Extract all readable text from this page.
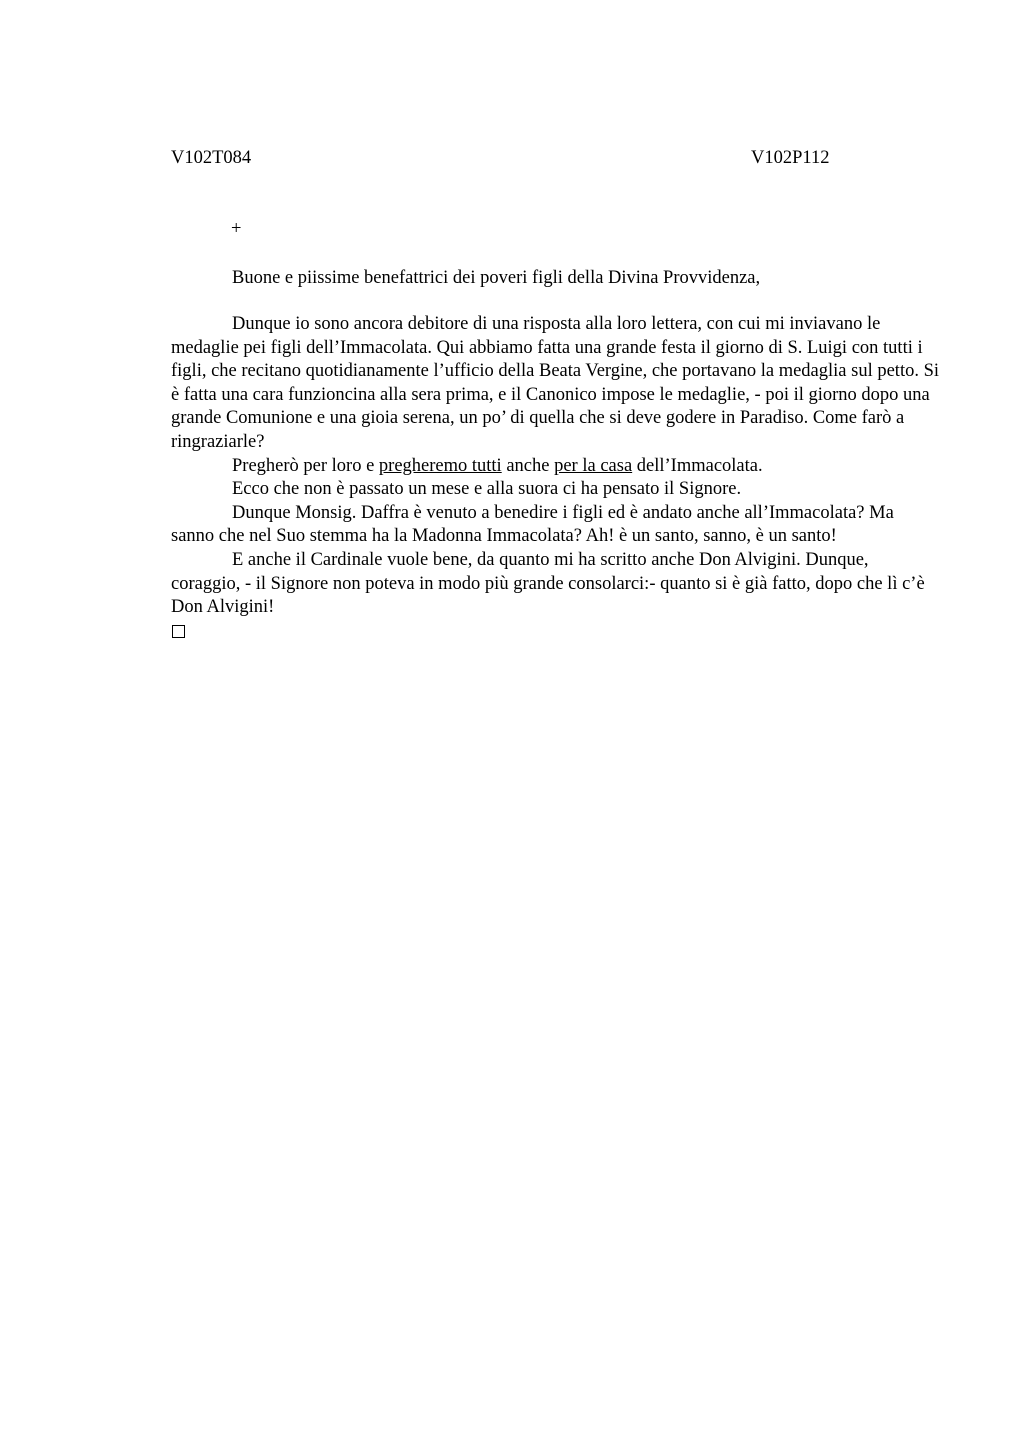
V102T084	V102P112
+
Buone e piissime benefattrici dei poveri figli della Divina Provvidenza,

Dunque io sono ancora debitore di una risposta alla loro lettera, con cui mi inviavano le medaglie pei figli dell’Immacolata. Qui abbiamo fatta una grande festa il giorno di S. Luigi con tutti i figli, che recitano quotidianamente l’ufficio della Beata Vergine, che portavano la medaglia sul petto. Si è fatta una cara funzioncina alla sera prima, e il Canonico impose le medaglie, - poi il giorno dopo una grande Comunione e una gioia serena, un po’ di quella che si deve godere in Paradiso. Come farò a ringraziarle?

Pregherò per loro e pregheremo tutti anche per la casa dell’Immacolata.

Ecco che non è passato un mese e alla suora ci ha pensato il Signore.

Dunque Monsig. Daffra è venuto a benedire i figli ed è andato anche all’Immacolata? Ma sanno che nel Suo stemma ha la Madonna Immacolata? Ah! è un santo, sanno, è un santo!

E anche il Cardinale vuole bene, da quanto mi ha scritto anche Don Alvigini. Dunque, coraggio, - il Signore non poteva in modo più grande consolarci:- quanto si è già fatto, dopo che lì c’è Don Alvigini!
